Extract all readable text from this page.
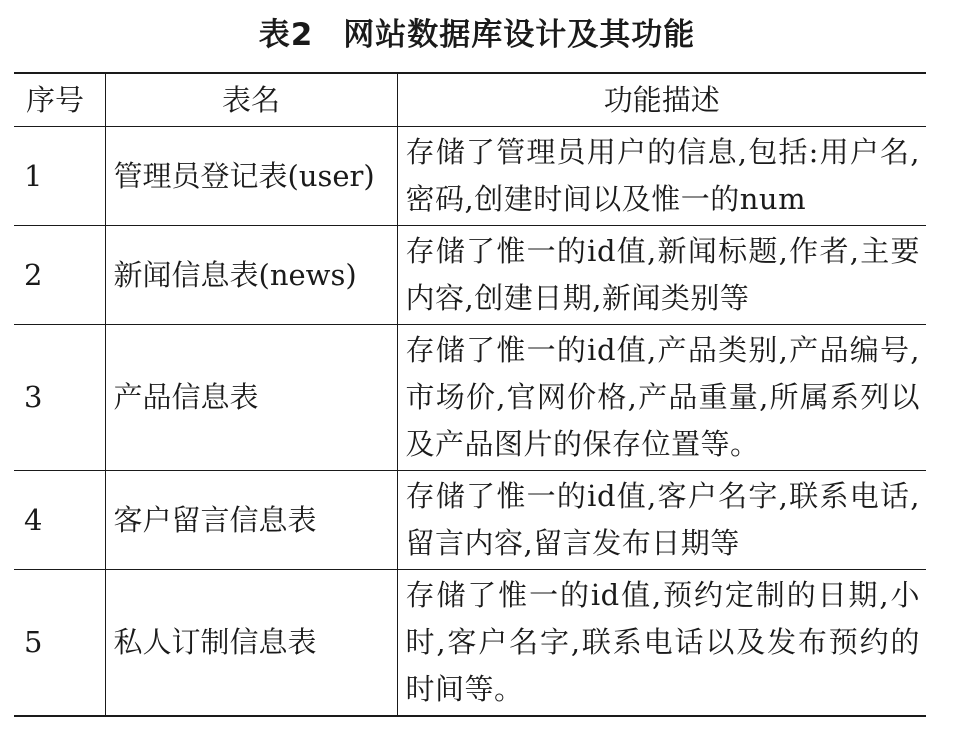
表2 网站数据库设计及其功能
序号	表名	功能描述
1	管理员登记表(user)	存储了管理员用户的信息,包括:用户名,密码,创建时间以及惟一的num
2	新闻信息表(news)	存储了惟一的id值,新闻标题,作者,主要内容,创建日期,新闻类别等
3	产品信息表	存储了惟一的id值,产品类别,产品编号,市场价,官网价格,产品重量,所属系列以及产品图片的保存位置等。
4	客户留言信息表	存储了惟一的id值,客户名字,联系电话,留言内容,留言发布日期等
5	私人订制信息表	存储了惟一的id值,预约定制的日期,小时,客户名字,联系电话以及发布预约的时间等。
